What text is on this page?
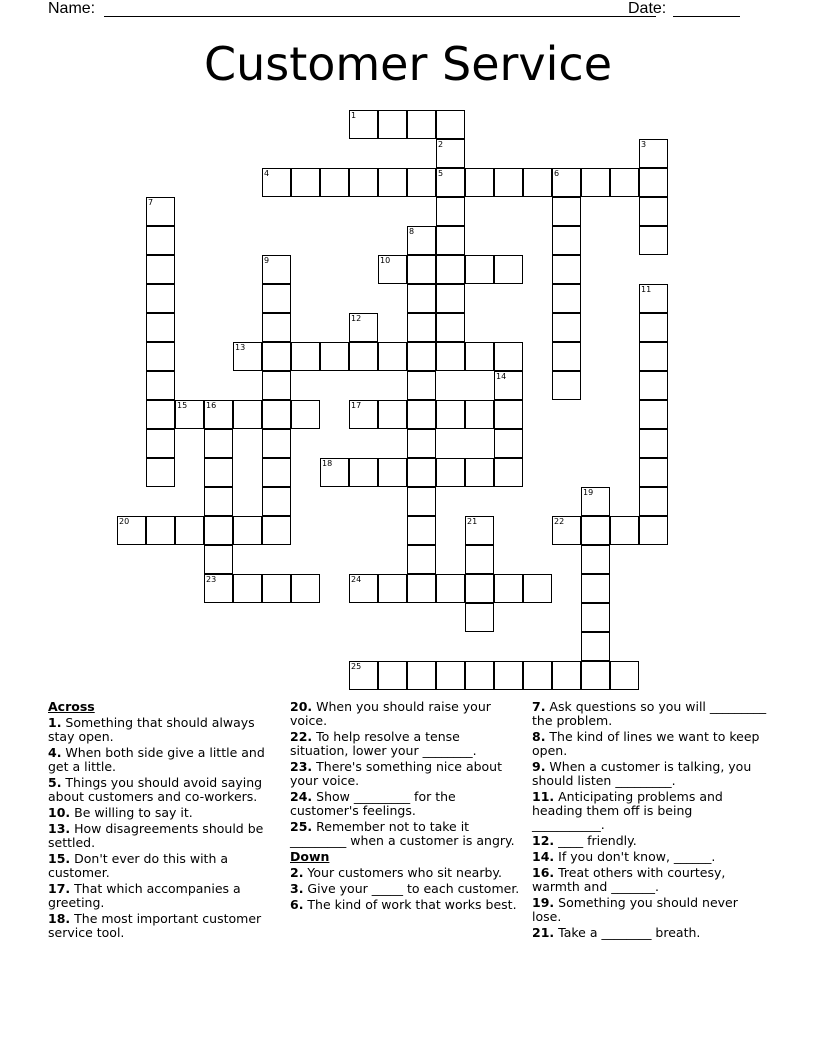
Name:	Date:
Customer Service
1
2	3
4	5	6
7
8
9	10
11
12
13
14
15 16	17
18
19
20	21	22
23	24
25
Across
1. Something that should always stay open.
4. When both side give a little and get a little.
5. Things you should avoid saying about customers and co-workers.
10. Be willing to say it.
13. How disagreements should be settled.
15. Don't ever do this with a customer.
17. That which accompanies a greeting.
18. The most important customer service tool.
20. When you should raise your voice.
22. To help resolve a tense situation, lower your ________.
23. There's something nice about your voice.
24. Show _________ for the customer's feelings.
25. Remember not to take it _________ when a customer is angry.
Down
2. Your customers who sit nearby.
3. Give your _____ to each customer.
6. The kind of work that works best.
7. Ask questions so you will _________ the problem.
8. The kind of lines we want to keep open.
9. When a customer is talking, you should listen _________.
11. Anticipating problems and heading them off is being ___________.
12. ____ friendly.
14. If you don't know, ______.
16. Treat others with courtesy, warmth and _______.
19. Something you should never lose.
21. Take a ________ breath.
